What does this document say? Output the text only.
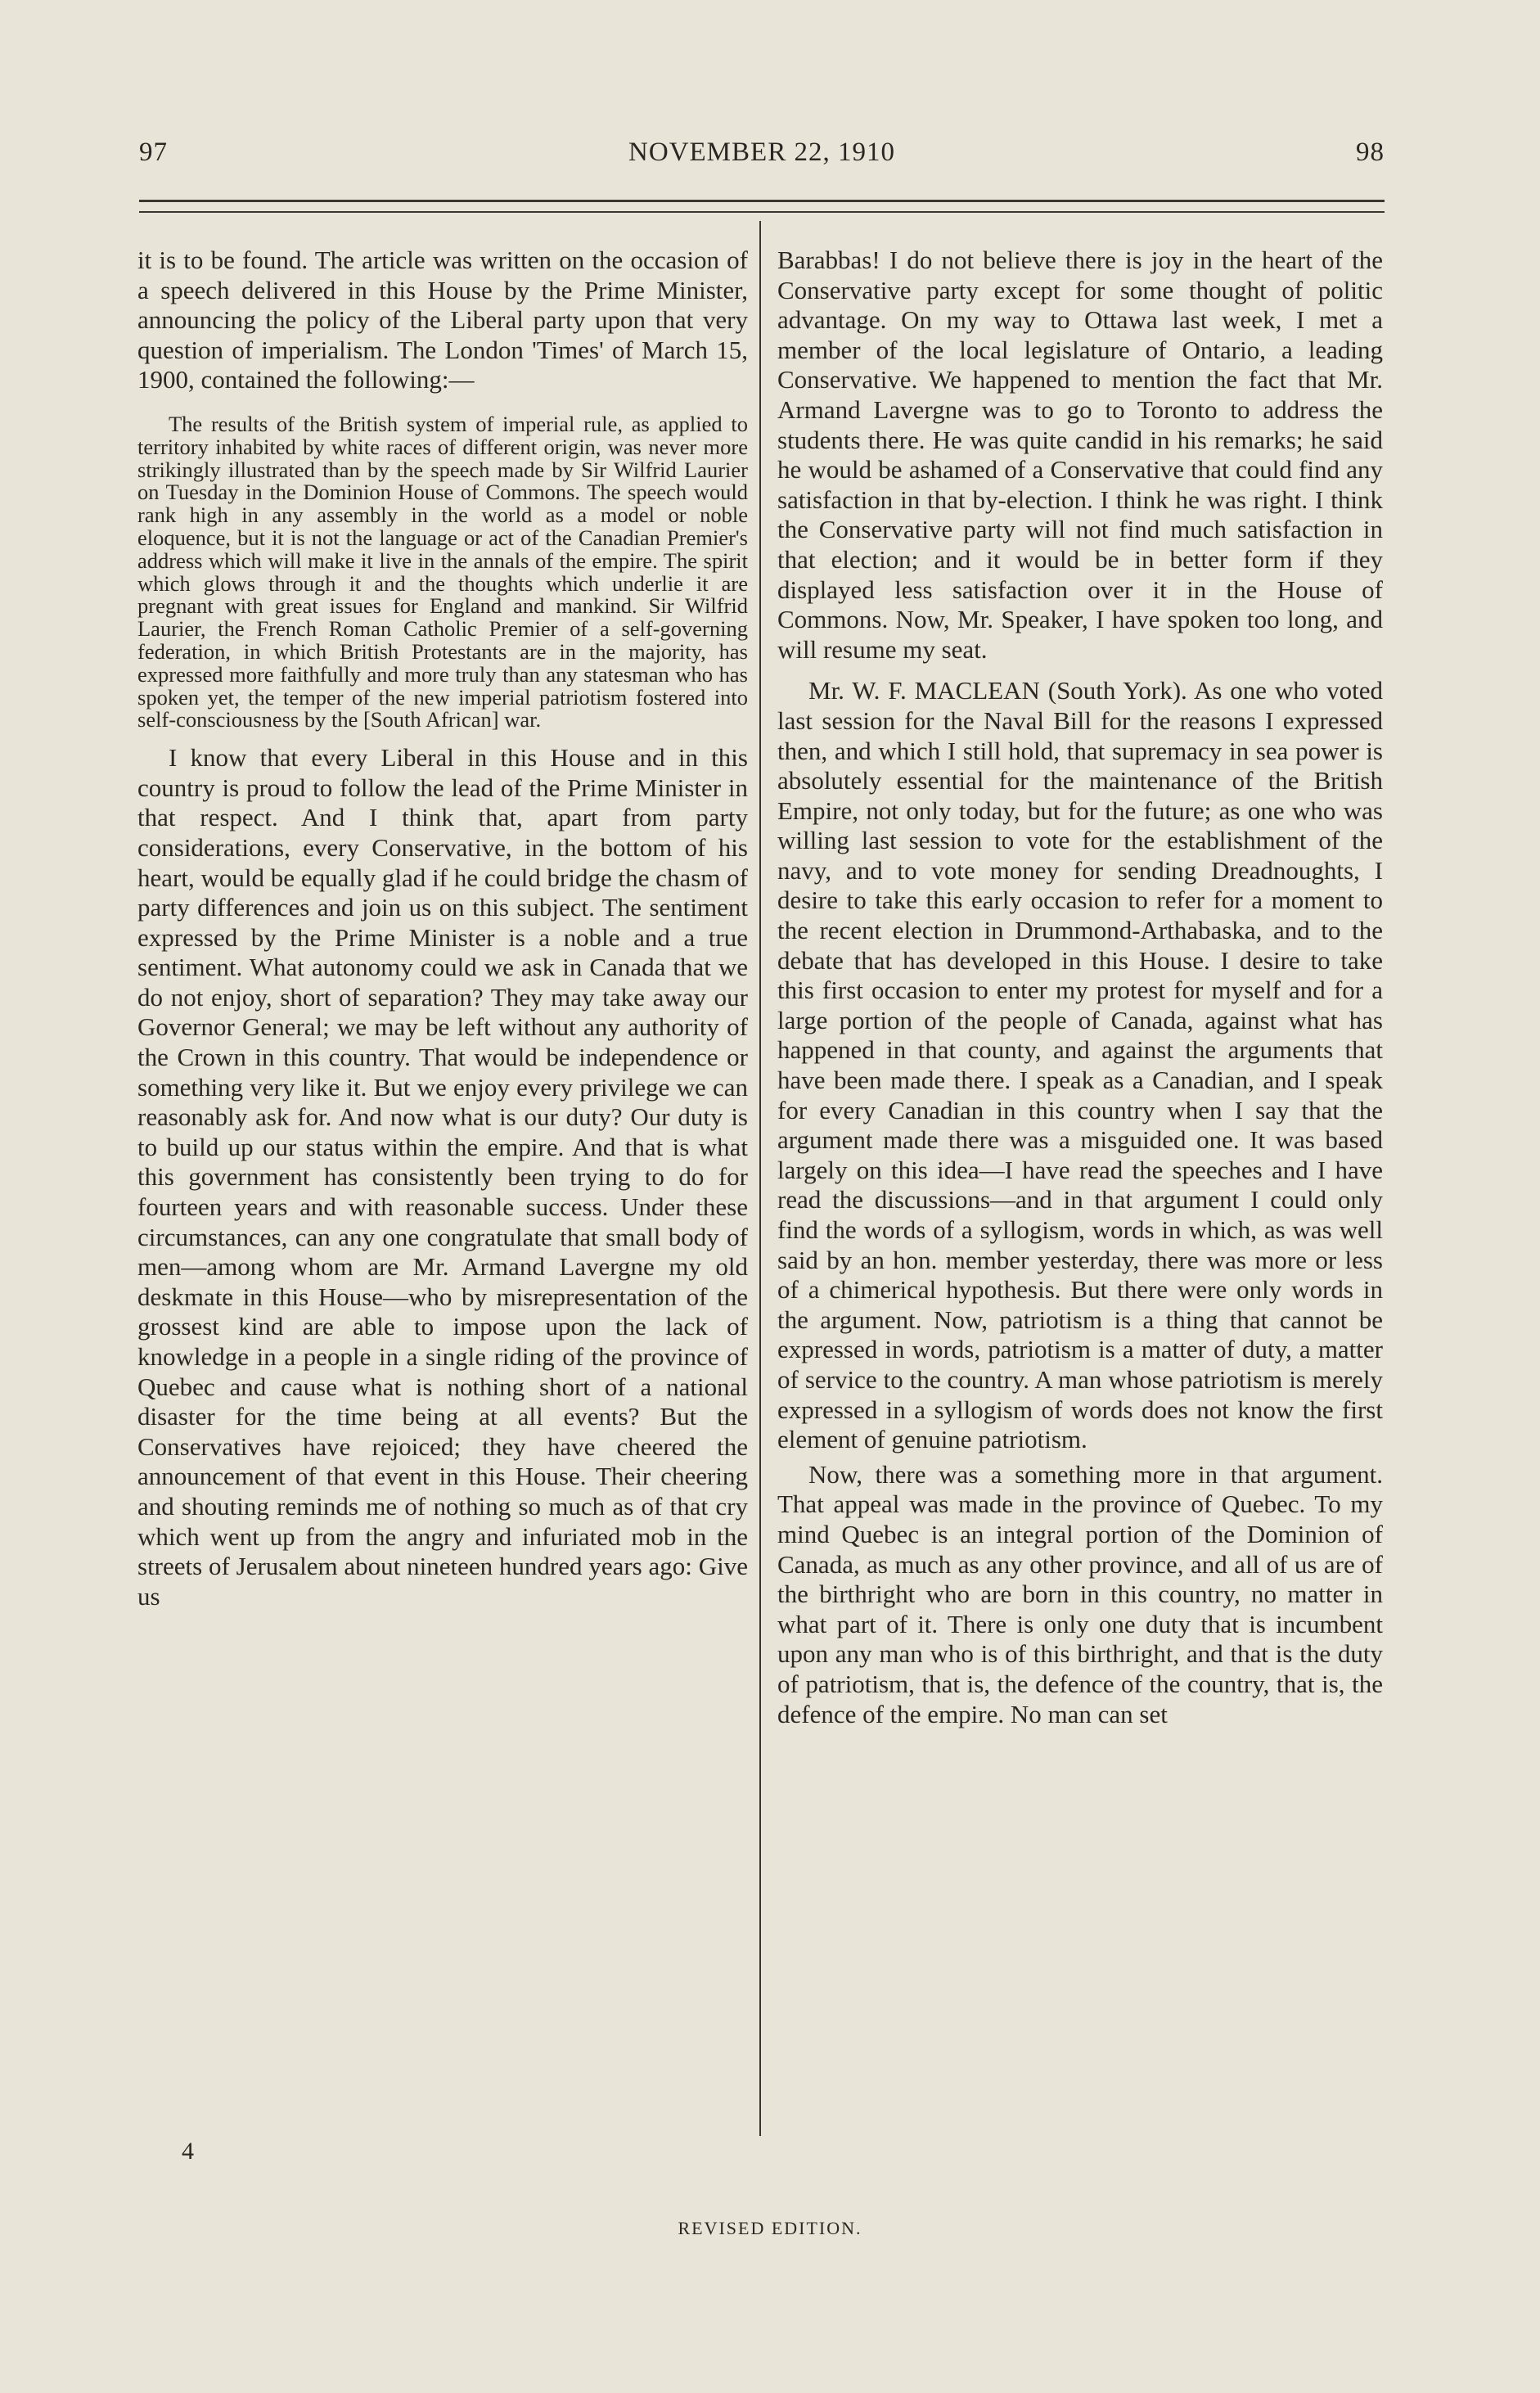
97	NOVEMBER 22, 1910	98

it is to be found. The article was written on the occasion of a speech delivered in this House by the Prime Minister, announcing the policy of the Liberal party upon that very question of imperialism. The London 'Times' of March 15, 1900, contained the following:—

The results of the British system of imperial rule, as applied to territory inhabited by white races of different origin, was never more strikingly illustrated than by the speech made by Sir Wilfrid Laurier on Tuesday in the Dominion House of Commons. The speech would rank high in any assembly in the world as a model or noble eloquence, but it is not the language or act of the Canadian Premier's address which will make it live in the annals of the empire. The spirit which glows through it and the thoughts which underlie it are pregnant with great issues for England and mankind. Sir Wilfrid Laurier, the French Roman Catholic Premier of a self-governing federation, in which British Protestants are in the majority, has expressed more faithfully and more truly than any statesman who has spoken yet, the temper of the new imperial patriotism fostered into self-consciousness by the [South African] war.

I know that every Liberal in this House and in this country is proud to follow the lead of the Prime Minister in that respect. And I think that, apart from party considerations, every Conservative, in the bottom of his heart, would be equally glad if he could bridge the chasm of party differences and join us on this subject. The sentiment expressed by the Prime Minister is a noble and a true sentiment. What autonomy could we ask in Canada that we do not enjoy, short of separation? They may take away our Governor General; we may be left without any authority of the Crown in this country. That would be independence or something very like it. But we enjoy every privilege we can reasonably ask for. And now what is our duty? Our duty is to build up our status within the empire. And that is what this government has consistently been trying to do for fourteen years and with reasonable success. Under these circumstances, can any one congratulate that small body of men—among whom are Mr. Armand Lavergne my old deskmate in this House—who by misrepresentation of the grossest kind are able to impose upon the lack of knowledge in a people in a single riding of the province of Quebec and cause what is nothing short of a national disaster for the time being at all events? But the Conservatives have rejoiced; they have cheered the announcement of that event in this House. Their cheering and shouting reminds me of nothing so much as of that cry which went up from the angry and infuriated mob in the streets of Jerusalem about nineteen hundred years ago: Give us

Barabbas! I do not believe there is joy in the heart of the Conservative party except for some thought of politic advantage. On my way to Ottawa last week, I met a member of the local legislature of Ontario, a leading Conservative. We happened to mention the fact that Mr. Armand Lavergne was to go to Toronto to address the students there. He was quite candid in his remarks; he said he would be ashamed of a Conservative that could find any satisfaction in that by-election. I think he was right. I think the Conservative party will not find much satisfaction in that election; and it would be in better form if they displayed less satisfaction over it in the House of Commons. Now, Mr. Speaker, I have spoken too long, and will resume my seat.

Mr. W. F. MACLEAN (South York). As one who voted last session for the Naval Bill for the reasons I expressed then, and which I still hold, that supremacy in sea power is absolutely essential for the maintenance of the British Empire, not only today, but for the future; as one who was willing last session to vote for the establishment of the navy, and to vote money for sending Dreadnoughts, I desire to take this early occasion to refer for a moment to the recent election in Drummond-Arthabaska, and to the debate that has developed in this House. I desire to take this first occasion to enter my protest for myself and for a large portion of the people of Canada, against what has happened in that county, and against the arguments that have been made there. I speak as a Canadian, and I speak for every Canadian in this country when I say that the argument made there was a misguided one. It was based largely on this idea—I have read the speeches and I have read the discussions—and in that argument I could only find the words of a syllogism, words in which, as was well said by an hon. member yesterday, there was more or less of a chimerical hypothesis. But there were only words in the argument. Now, patriotism is a thing that cannot be expressed in words, patriotism is a matter of duty, a matter of service to the country. A man whose patriotism is merely expressed in a syllogism of words does not know the first element of genuine patriotism.

Now, there was a something more in that argument. That appeal was made in the province of Quebec. To my mind Quebec is an integral portion of the Dominion of Canada, as much as any other province, and all of us are of the birthright who are born in this country, no matter in what part of it. There is only one duty that is incumbent upon any man who is of this birthright, and that is the duty of patriotism, that is, the defence of the country, that is, the defence of the empire. No man can set

4
REVISED EDITION.
